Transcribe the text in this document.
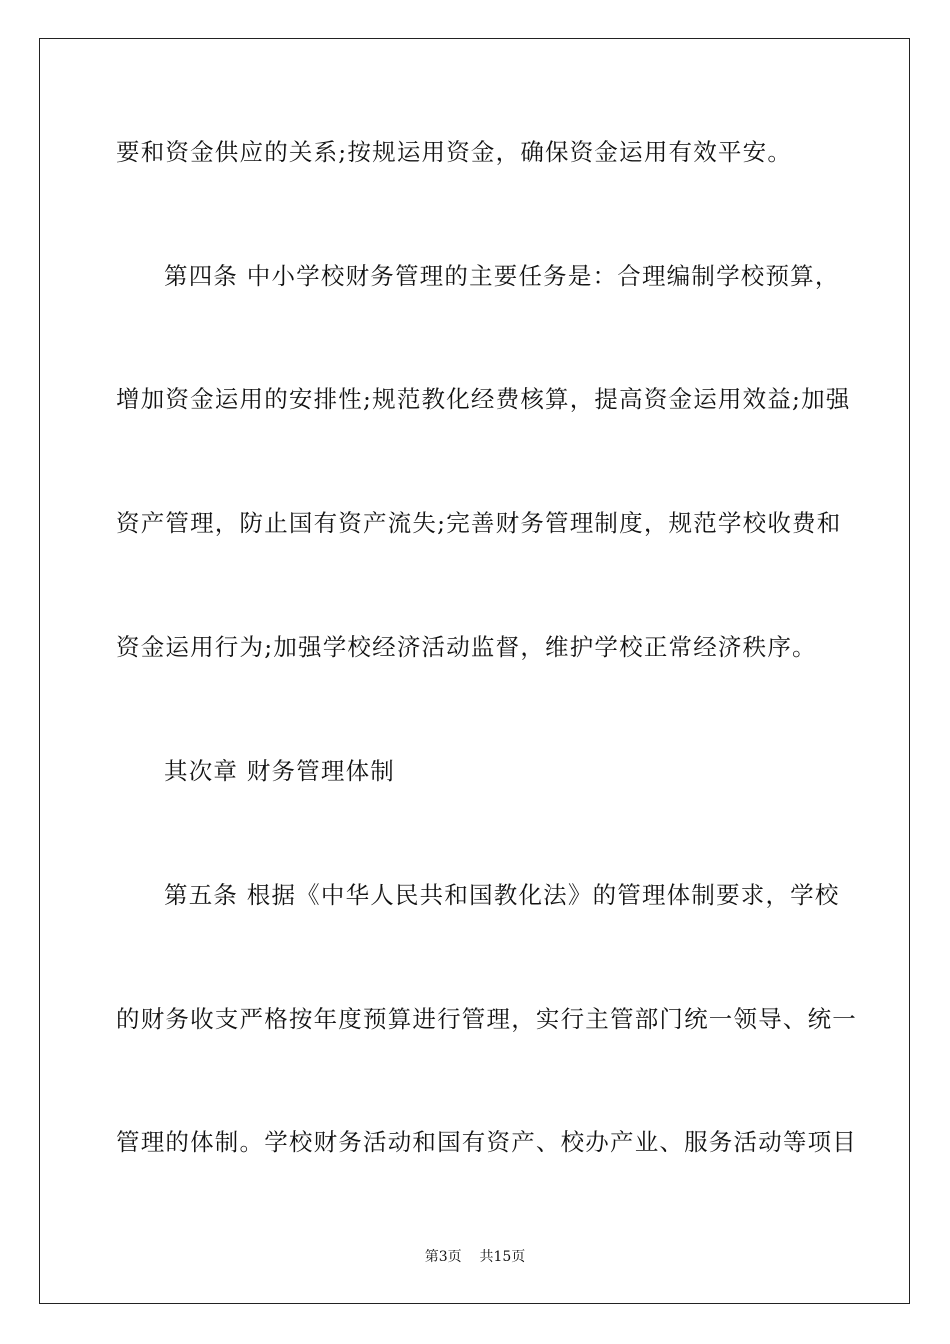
要和资金供应的关系;按规运用资金，确保资金运用有效平安。
第四条 中小学校财务管理的主要任务是：合理编制学校预算，
增加资金运用的安排性;规范教化经费核算，提高资金运用效益;加强
资产管理，防止国有资产流失;完善财务管理制度，规范学校收费和
资金运用行为;加强学校经济活动监督，维护学校正常经济秩序。
其次章 财务管理体制
第五条 根据《中华人民共和国教化法》的管理体制要求，学校
的财务收支严格按年度预算进行管理，实行主管部门统一领导、统一
管理的体制。学校财务活动和国有资产、校办产业、服务活动等项目
第3页    共15页
